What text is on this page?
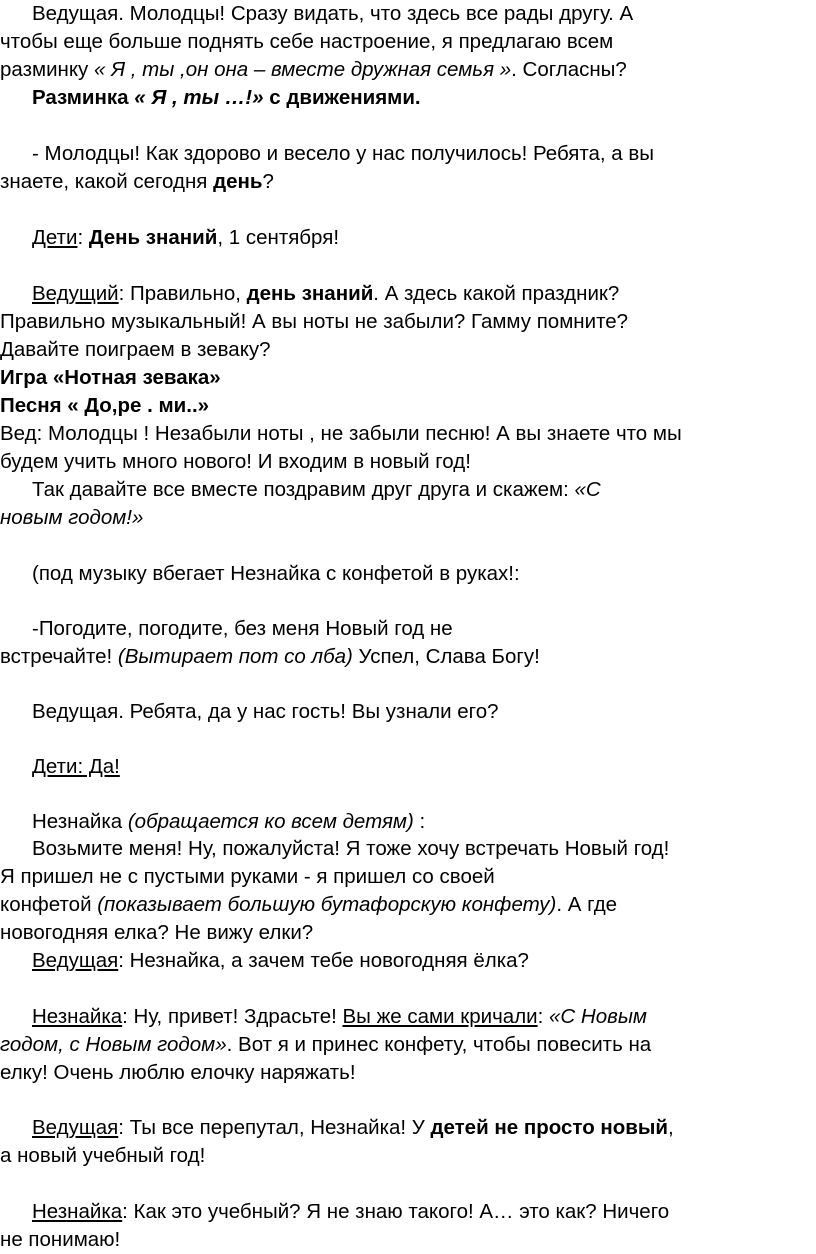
Ведущая. Молодцы! Сразу видать, что здесь все рады другу. А

чтобы еще больше поднять себе настроение, я предлагаю всем

разминку « Я , ты ,он она – вместе дружная семья ». Согласны?

Разминка « Я , ты …!» с движениями.

- Молодцы! Как здорово и весело у нас получилось! Ребята, а вы

знаете, какой сегодня день?

Дети: День знаний, 1 сентября!

Ведущий: Правильно, день знаний. А здесь какой праздник?

Правильно музыкальный! А вы ноты не забыли? Гамму помните?

Давайте поиграем в зеваку?

Игра «Нотная зевака»

Песня « До,ре . ми..»

Вед: Молодцы ! Незабыли ноты , не забыли песню! А вы знаете что мы

будем учить много нового! И входим в новый год!

Так давайте все вместе поздравим друг друга и скажем: «С

новым годом!»

(под музыку вбегает Незнайка с конфетой в руках!:

-Погодите, погодите, без меня Новый год не

встречайте! (Вытирает пот со лба) Успел, Слава Богу!

Ведущая. Ребята, да у нас гость! Вы узнали его?

Дети: Да!

Незнайка (обращается ко всем детям) :

Возьмите меня! Ну, пожалуйста! Я тоже хочу встречать Новый год!

Я пришел не с пустыми руками - я пришел со своей

конфетой (показывает большую бутафорскую конфету). А где

новогодняя елка? Не вижу елки?

Ведущая: Незнайка, а зачем тебе новогодняя ёлка?

Незнайка: Ну, привет! Здрасьте! Вы же сами кричали: «С Новым

годом, с Новым годом». Вот я и принес конфету, чтобы повесить на

елку! Очень люблю елочку наряжать!

Ведущая: Ты все перепутал, Незнайка! У детей не просто новый,

а новый учебный год!

Незнайка: Как это учебный? Я не знаю такого! А… это как? Ничего

не понимаю!
